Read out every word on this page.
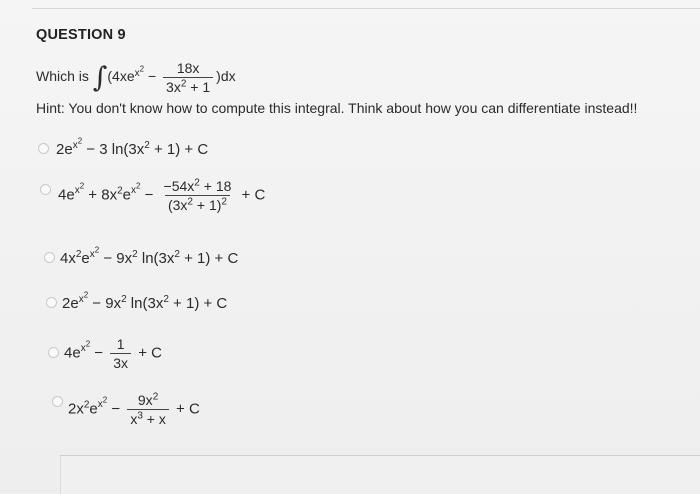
QUESTION 9
Which is $\int(4xe^{x^2} - \frac{18x}{3x^2 + 1} )dx$
Hint: You don't know how to compute this integral. Think about how you can differentiate instead!!
$2e^{x^2} - 3$ $\ln(3x^2 + 1) + C$
$4e^{x^2} + 8x^2e^{x^2} - \frac{-54x^2 + 18}{(3x^2 + 1)^2} + C$
$4x^2e^{x^2} - 9x^2$ $\ln(3x^2 + 1) + C$
$2e^{x^2} - 9x^2$ $\ln(3x^2 + 1) + C$
$4e^{x^2} - \frac{1}{3x} + C$
$2x^2e^{x^2} - \frac{9x^2}{x^3 + x} + C$
